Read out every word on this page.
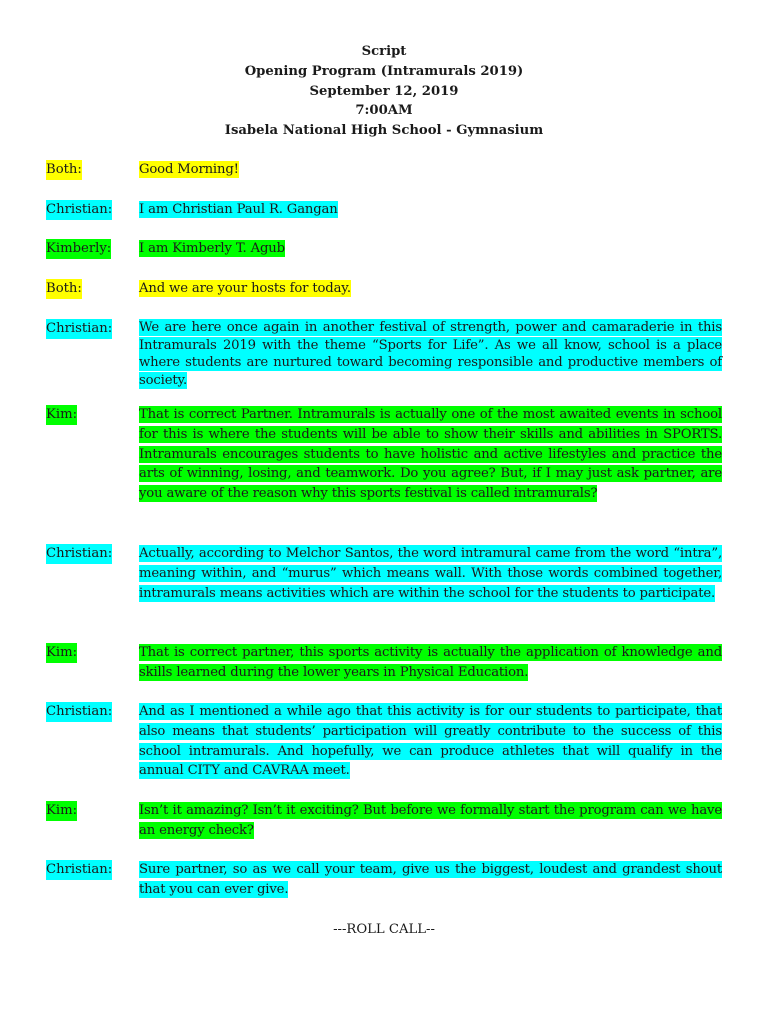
Script
Opening Program (Intramurals 2019)
September 12, 2019
7:00AM
Isabela National High School - Gymnasium
Both:	Good Morning!
Christian: I am Christian Paul R. Gangan
Kimberly: I am Kimberly T. Agub
Both:	And we are your hosts for today.
Christian: We are here once again in another festival of strength, power and camaraderie in this Intramurals 2019 with the theme “Sports for Life”. As we all know, school is a place where students are nurtured toward becoming responsible and productive members of society.
Kim:	That is correct Partner. Intramurals is actually one of the most awaited events in school for this is where the students will be able to show their skills and abilities in SPORTS. Intramurals encourages students to have holistic and active lifestyles and practice the arts of winning, losing, and teamwork. Do you agree? But, if I may just ask partner, are you aware of the reason why this sports festival is called intramurals?
Christian: Actually, according to Melchor Santos, the word intramural came from the word “intra”, meaning within, and “murus” which means wall. With those words combined together, intramurals means activities which are within the school for the students to participate.
Kim:	That is correct partner, this sports activity is actually the application of knowledge and skills learned during the lower years in Physical Education.
Christian: And as I mentioned a while ago that this activity is for our students to participate, that also means that students’ participation will greatly contribute to the success of this school intramurals. And hopefully, we can produce athletes that will qualify in the annual CITY and CAVRAA meet.
Kim:	Isn’t it amazing? Isn’t it exciting? But before we formally start the program can we have an energy check?
Christian: Sure partner, so as we call your team, give us the biggest, loudest and grandest shout that you can ever give.
---ROLL CALL--
